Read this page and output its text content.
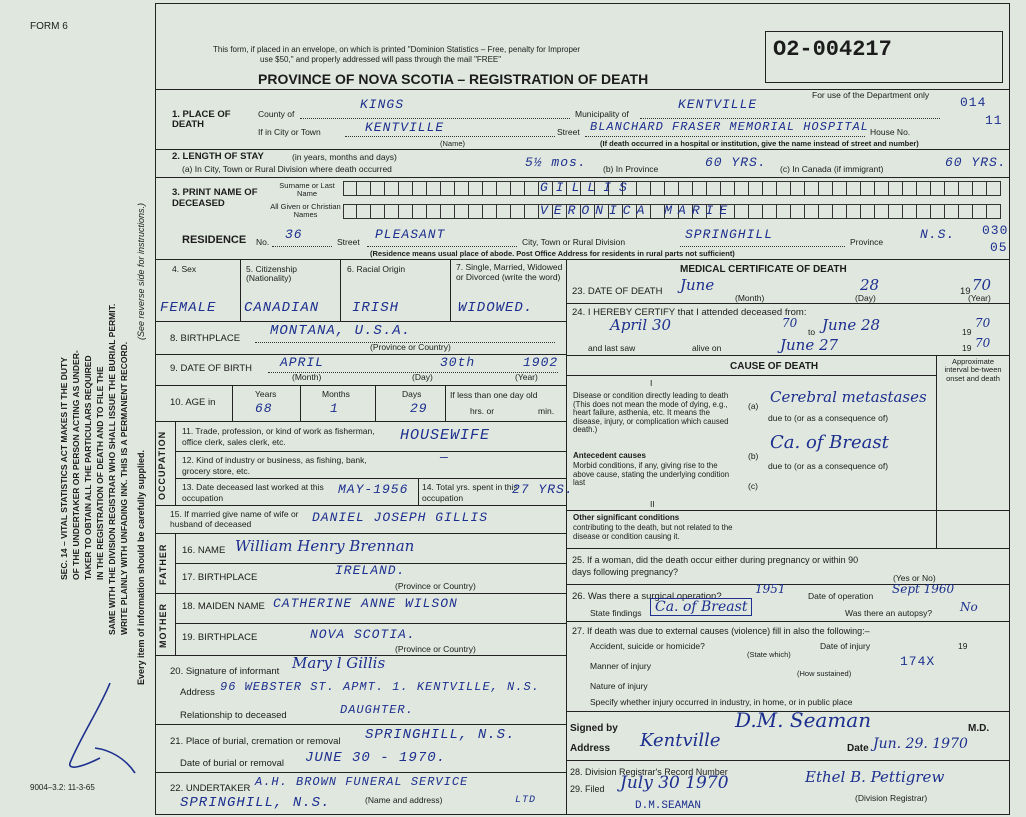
FORM 6
SEC. 14 – VITAL STATISTICS ACT MAKES IT THE DUTY OF THE UNDERTAKER OR PERSON ACTING AS UNDER- TAKER TO OBTAIN ALL THE PARTICULARS REQUIRED IN THE REGISTRATION OF DEATH AND TO FILE THE SAME WITH THE DIVISION REGISTRAR WHO SHALL ISSUE THE BURIAL PERMIT. WRITE PLAINLY WITH UNFADING INK. THIS IS A PERMANENT RECORD.
(See reverse side for instructions.)
Every item of information should be carefully supplied.
9004–3.2: 11-3-65
This form, if placed in an envelope, on which is printed "Dominion Statistics – Free, penalty for Improper
use $50," and properly addressed will pass through the mail "FREE"
PROVINCE OF NOVA SCOTIA – REGISTRATION OF DEATH
O2-004217
For use of the Department only
1. PLACE OF DEATH
County of
KINGS
Municipality of
KENTVILLE	014
If in City or Town	KENTVILLE	Street BLANCHARD FRASER MEMORIAL HOSPITAL House No.
11
(Name)	(If death occurred in a hospital or institution, give the name instead of street and number)
2. LENGTH OF STAY	(in years, months and days)
(a) In City, Town or Rural Division where death occurred	5½ mos. (b) In Province	60 YRS. (c) In Canada (if immigrant)	60 YRS.
3. PRINT NAME OF DECEASED
Surname or Last Name
All Given or Christian Names
GILLIS
VERONICA MARIE
RESIDENCE No. 36	Street PLEASANT	City, Town or Rural Division	SPRINGHILL	Province	N.S. 030
05
(Residence means usual place of abode. Post Office Address for residents in rural parts not sufficient)
4. Sex	5. Citizenship (Nationality)
6. Racial Origin	7. Single, Married, Widowed or Divorced (write the word)
FEMALE CANADIAN IRISH	WIDOWED.
8. BIRTHPLACE MONTANA, U.S.A.
(Province or Country)
9. DATE OF BIRTH APRIL	30th	1902
(Month)	(Day)	(Year)
10. AGE in
Years	Months	Days
68	1	29
If less than one day old
hrs. or	min.
OCCUPATION 11. Trade, profession, or kind of work as fisherman, office clerk, sales clerk, etc.	HOUSEWIFE
12. Kind of industry or business, as fishing, bank, grocery store, etc.
—
13. Date deceased last worked at this occupation
MAY-1956 14. Total yrs. spent in this occupation
27 YRS.
15. If married give name of wife or husband of deceased	DANIEL JOSEPH GILLIS
FATHER 16. NAME William Henry Brennan
17. BIRTHPLACE	IRELAND.
(Province or Country)
MOTHER 18. MAIDEN NAME CATHERINE ANNE WILSON
19. BIRTHPLACE	NOVA SCOTIA.
(Province or Country)
20. Signature of informant Mary l Gillis
Address 96 WEBSTER ST. APMT. 1. KENTVILLE, N.S.
Relationship to deceased	DAUGHTER.
21. Place of burial, cremation or removal SPRINGHILL, N.S.
Date of burial or removal JUNE 30 - 1970.
22. UNDERTAKER A.H. BROWN FUNERAL SERVICE
SPRINGHILL, N.S.	(Name and address)	LTD
MEDICAL CERTIFICATE OF DEATH
23. DATE OF DEATH June	28	19 70
(Month)	(Day)	(Year)
24. I HEREBY CERTIFY that I attended deceased from:
April 30	70
to June 28	19
70
and last saw	alive on	June 27	19 70
CAUSE OF DEATH	Approximate interval be-tween onset and death
I
Disease or condition directly leading to death (This does not mean the mode of dying, e.g., heart failure, asthenia, etc. It means the disease, injury, or complication which caused death.)
(a) Cerebral metastases
due to (or as a consequence of)
Antecedent causes
Morbid conditions, if any, giving rise to the above cause, stating the underlying condition last
(b)
Ca. of Breast
due to (or as a consequence of)
(c)
II
Other significant conditions
contributing to the death, but not related to the disease or condition causing it.
25. If a woman, did the death occur either during pregnancy or within 90 days following pregnancy?
(Yes or No)
26. Was there a surgical operation?
1951	Date of operation Sept 1960
State findings Ca. of Breast	Was there an autopsy? No
27. If death was due to external causes (violence) fill in also the following:–
Accident, suicide or homicide?
(State which)
Date of injury	19
Manner of injury	174X
(How sustained)
Nature of injury
Specify whether injury occurred in industry, in home, or in public place
Signed by	D.M. Seaman	M.D.
Address Kentville	Date Jun. 29. 1970
28. Division Registrar's Record Number
29. Filed July 30 1970	Ethel B. Pettigrew
(Division Registrar)
D.M.SEAMAN
